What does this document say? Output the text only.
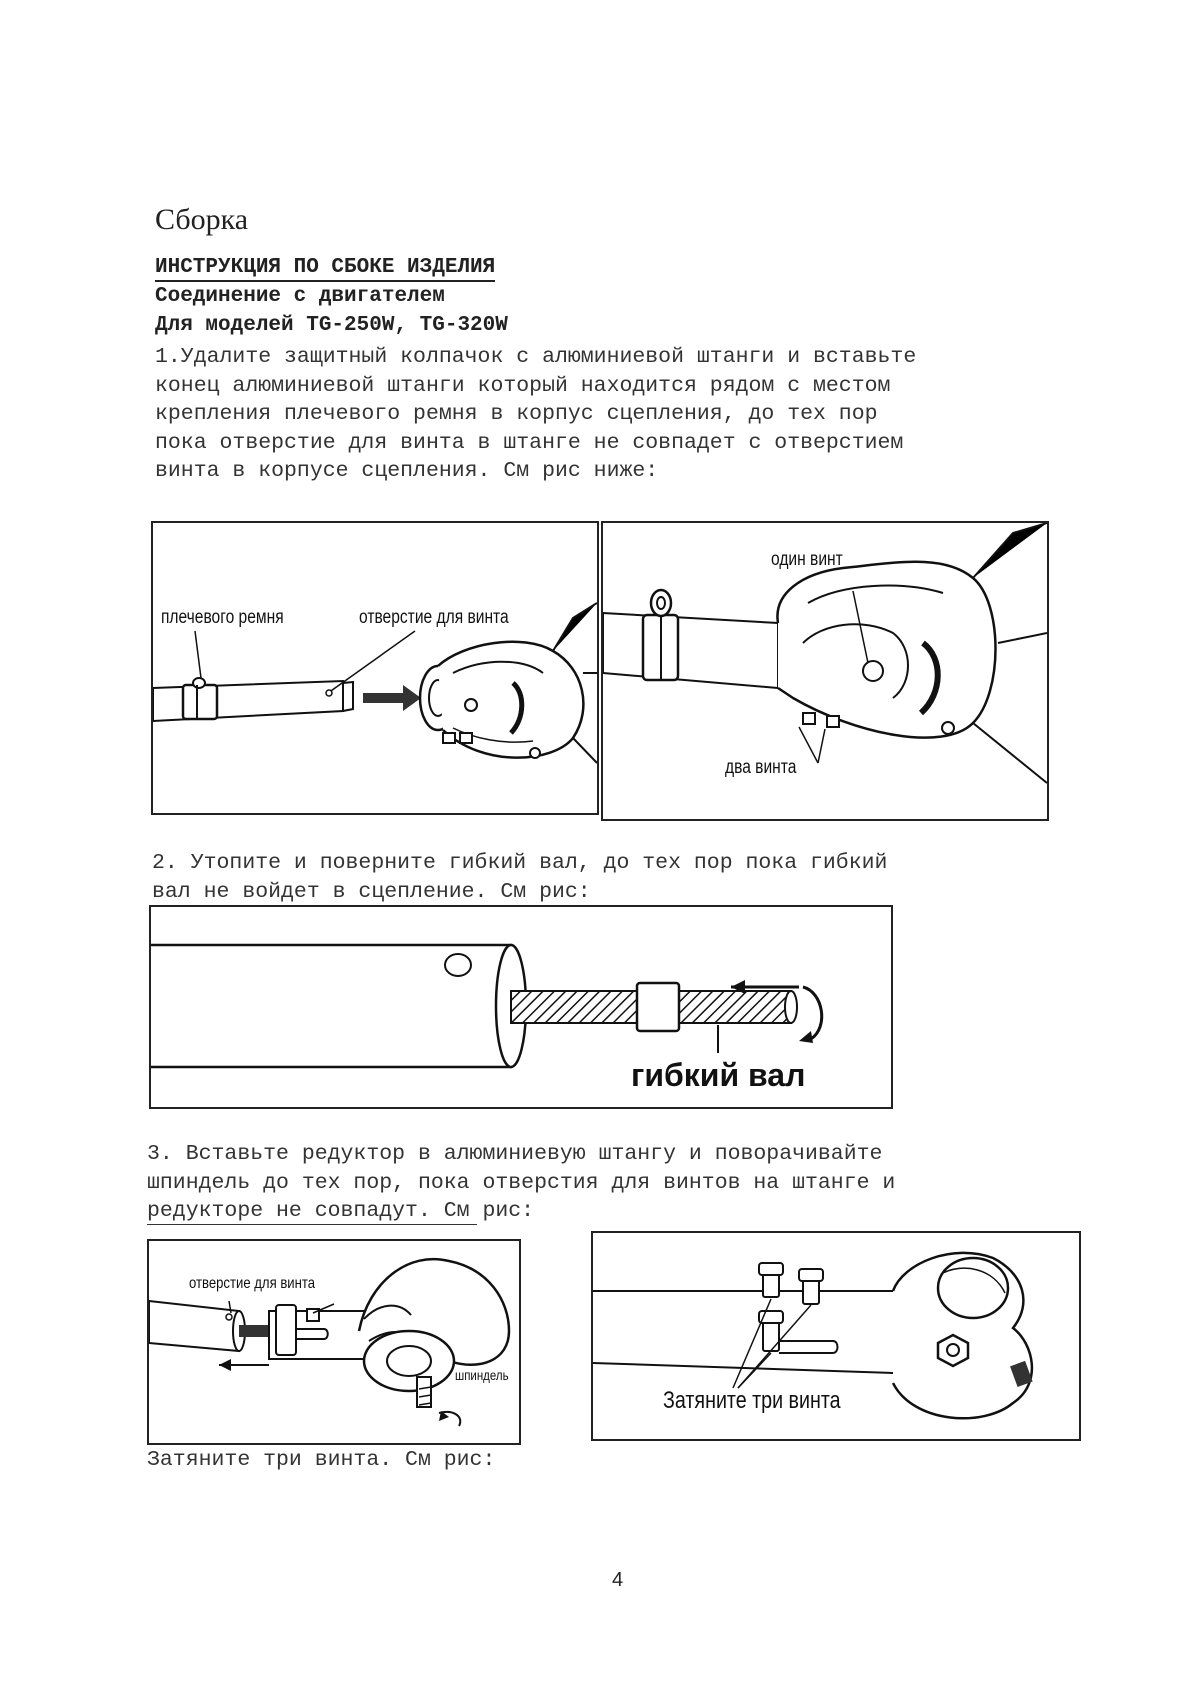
Сборка
ИНСТРУКЦИЯ ПО СБОКЕ ИЗДЕЛИЯ
Соединение с двигателем
Для моделей TG-250W, TG-320W
1.Удалите защитный колпачок с алюминиевой штанги и вставьте
конец алюминиевой штанги который находится рядом с местом
крепления плечевого ремня в корпус сцепления, до тех пор
пока отверстие для винта в штанге не совпадет с отверстием
винта в корпусе сцепления. См рис ниже:
плечевого ремня	отверстие для винта
один винт
два винта
2. Утопите и поверните гибкий вал, до тех пор пока гибкий
вал не войдет в сцепление. См рис:
гибкий вал
3. Вставьте редуктор в алюминиевую штангу и поворачивайте
шпиндель до тех пор, пока отверстия для винтов на штанге и
редукторе не совпадут. См рис:
отверстие для винта
шпиндель
Затяните три винта
Затяните три винта. См рис:
4
